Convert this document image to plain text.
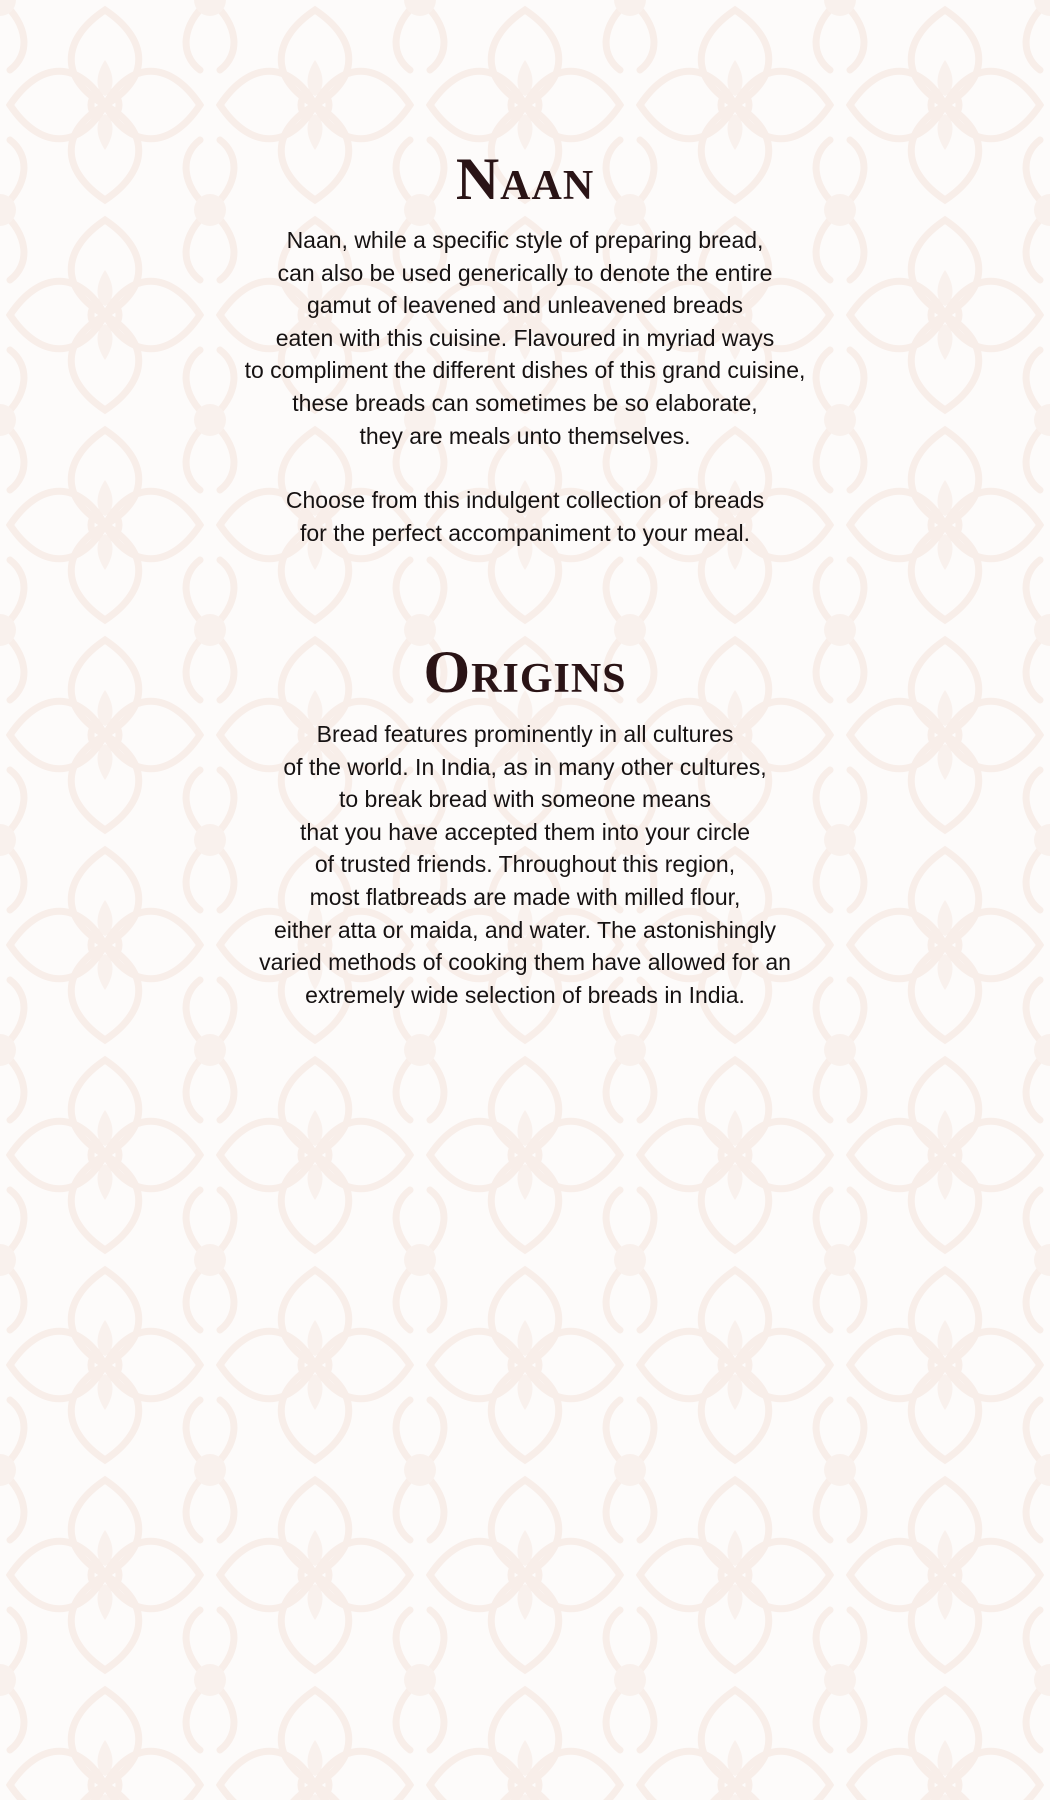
Naan
Naan, while a specific style of preparing bread,
can also be used generically to denote the entire
gamut of leavened and unleavened breads
eaten with this cuisine. Flavoured in myriad ways
to compliment the different dishes of this grand cuisine,
these breads can sometimes be so elaborate,
they are meals unto themselves.
Choose from this indulgent collection of breads
for the perfect accompaniment to your meal.
Origins
Bread features prominently in all cultures
of the world. In India, as in many other cultures,
to break bread with someone means
that you have accepted them into your circle
of trusted friends. Throughout this region,
most flatbreads are made with milled flour,
either atta or maida, and water. The astonishingly
varied methods of cooking them have allowed for an
extremely wide selection of breads in India.
